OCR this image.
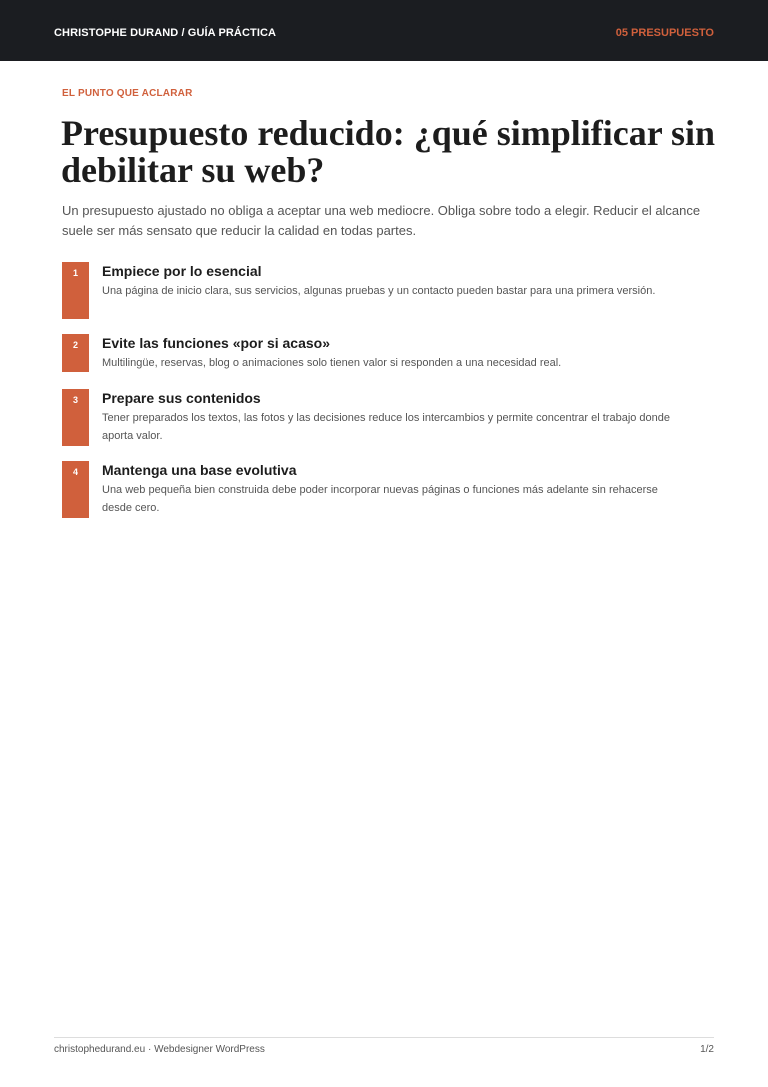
CHRISTOPHE DURAND / GUÍA PRÁCTICA	05 PRESUPUESTO
EL PUNTO QUE ACLARAR
Presupuesto reducido: ¿qué simplificar sin debilitar su web?

Un presupuesto ajustado no obliga a aceptar una web mediocre. Obliga sobre todo a elegir. Reducir el alcance suele ser más sensato que reducir la calidad en todas partes.

1	Empiece por lo esencial

Una página de inicio clara, sus servicios, algunas pruebas y un contacto pueden bastar para una primera versión.

2	Evite las funciones «por si acaso»

Multilingüe, reservas, blog o animaciones solo tienen valor si responden a una necesidad real.

3	Prepare sus contenidos

Tener preparados los textos, las fotos y las decisiones reduce los intercambios y permite concentrar el trabajo donde aporta valor.

4	Mantenga una base evolutiva

Una web pequeña bien construida debe poder incorporar nuevas páginas o funciones más adelante sin rehacerse desde cero.

christophedurand.eu · Webdesigner WordPress	1/2
